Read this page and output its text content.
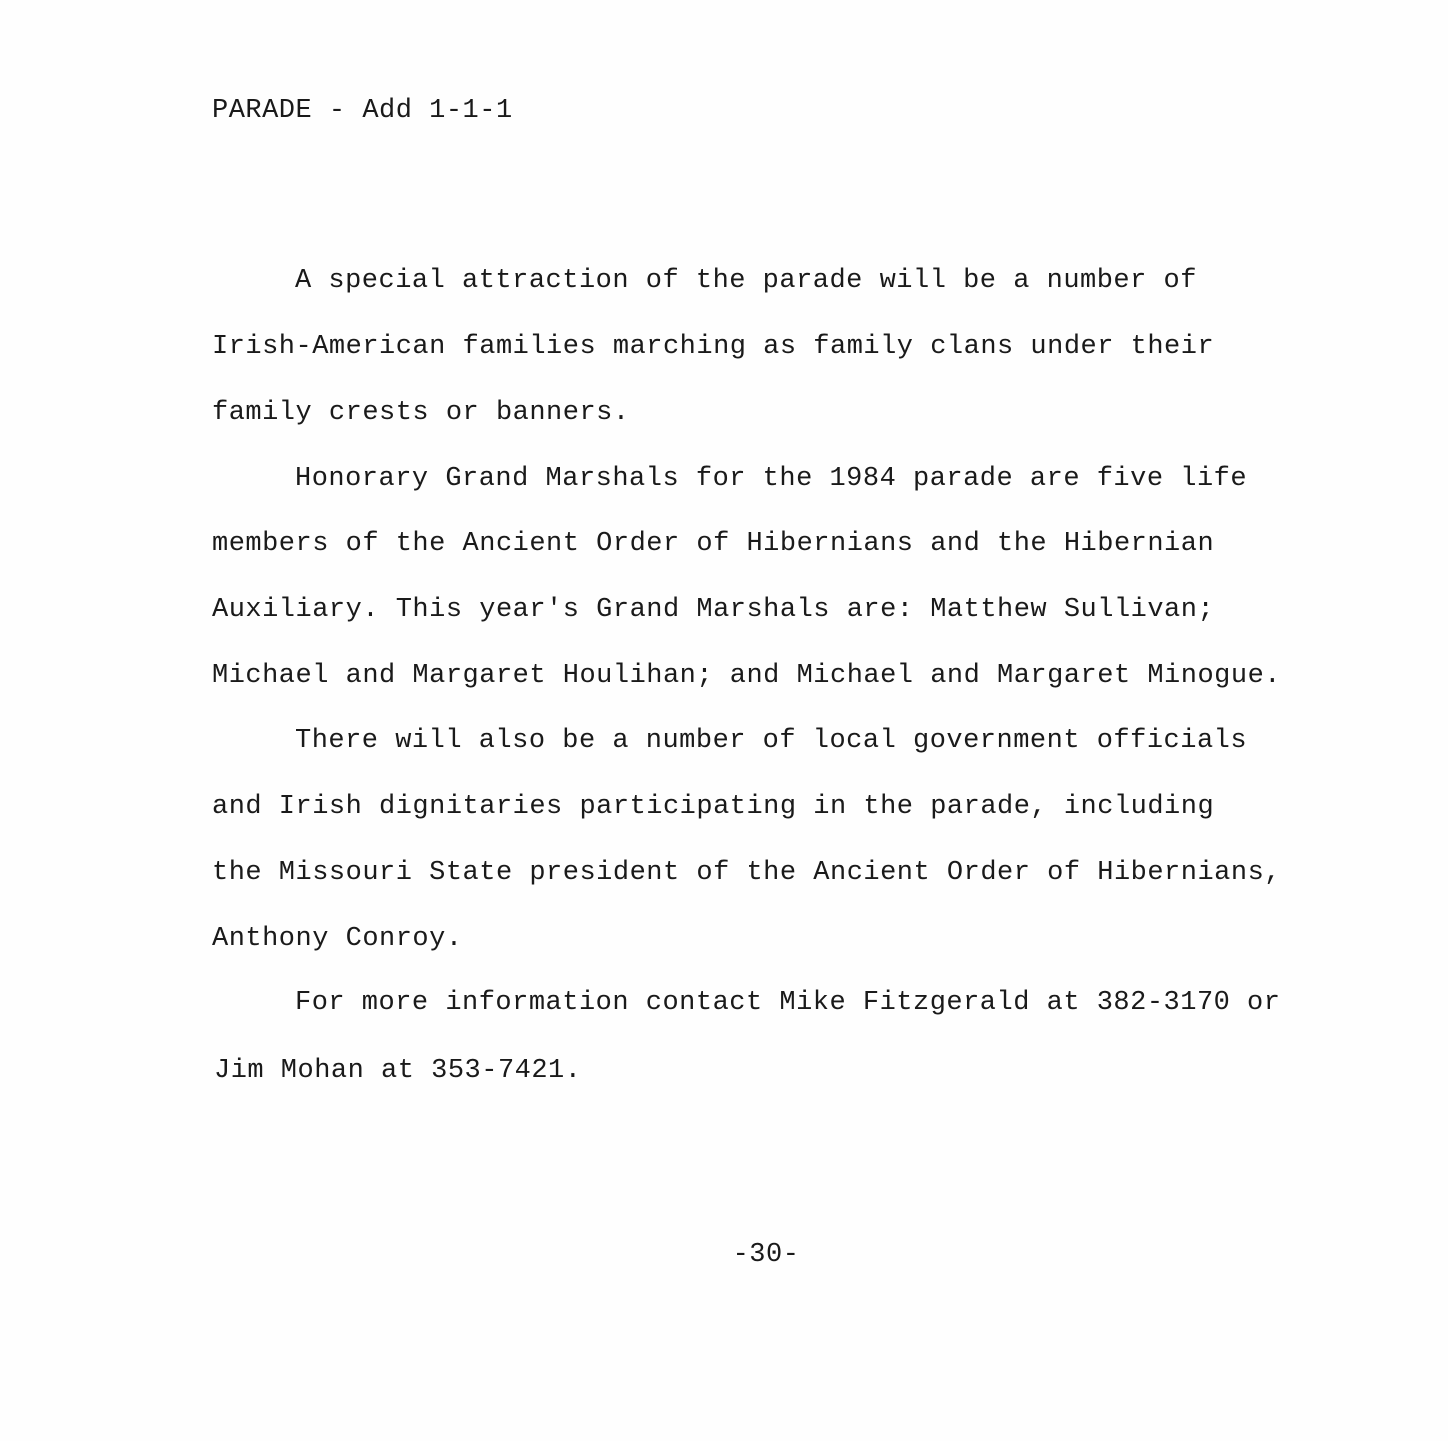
PARADE - Add 1-1-1

A special attraction of the parade will be a number of

Irish-American families marching as family clans under their

family crests or banners.

Honorary Grand Marshals for the 1984 parade are five life

members of the Ancient Order of Hibernians and the Hibernian

Auxiliary. This year's Grand Marshals are: Matthew Sullivan;

Michael and Margaret Houlihan; and Michael and Margaret Minogue.

There will also be a number of local government officials

and Irish dignitaries participating in the parade, including

the Missouri State president of the Ancient Order of Hibernians,

Anthony Conroy.

For more information contact Mike Fitzgerald at 382-3170 or

Jim Mohan at 353-7421.

-30-
